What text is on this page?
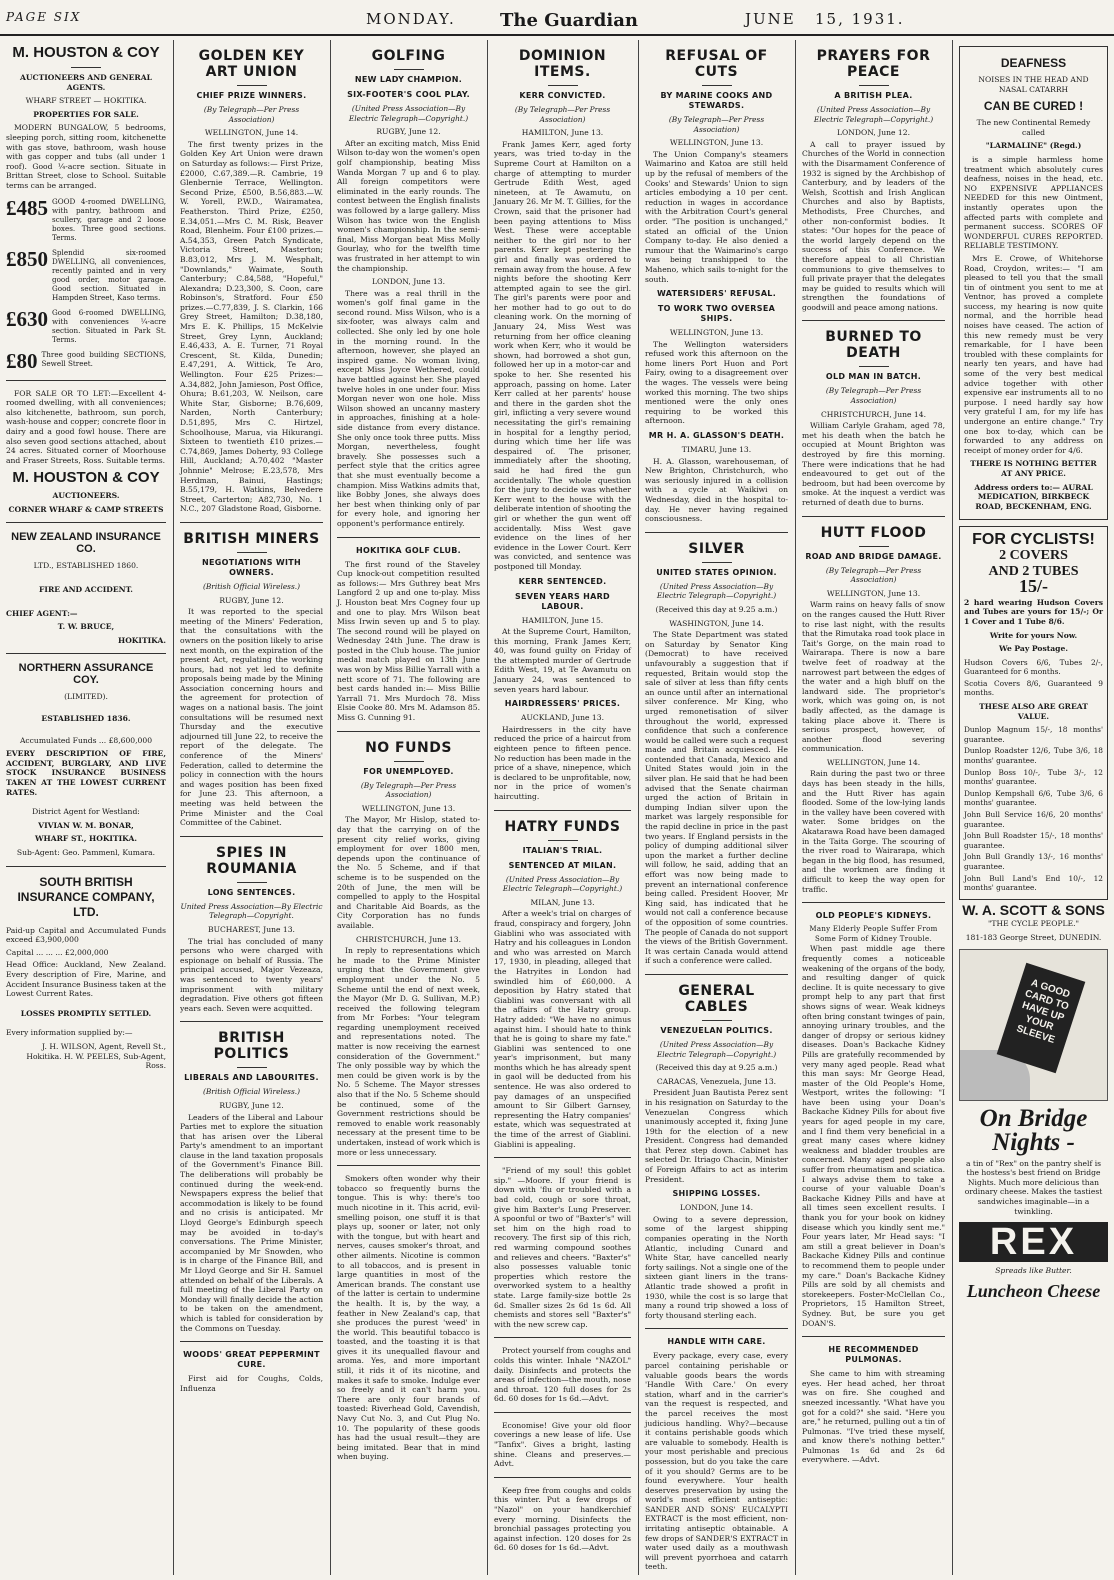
PAGE SIX	MONDAY. The Guardian	JUNE 15, 1931.
M. HOUSTON & COY
AUCTIONEERS AND GENERAL AGENTS.
WHARF STREET — HOKITIKA.
PROPERTIES FOR SALE.

MODERN BUNGALOW, 5 bedrooms, sleeping porch, sitting room, kitchenette with gas stove, bathroom, wash house with gas copper and tubs (all under 1 roof). Good ¼-acre section. Situate in Brittan Street, close to School. Suitable terms can be arranged.

£485 GOOD 4-roomed DWELLING, with pantry, bathroom and scullery, garage and 2 loose boxes. Three good sections. Terms.
£850 Splendid six-roomed DWELLING, all conveniences, recently painted and in very good order, motor garage. Good section. Situated in Hampden Street, Kaso terms.
£630 Good 6-roomed DWELLING, with conveniences ¼-acre section. Situated in Park St. Terms.
£80 Three good building SECTIONS, Sewell Street.

FOR SALE OR TO LET:—Excellent 4-roomed dwelling, with all conveniences; also kitchenette, bathroom, sun porch, wash-house and copper; concrete floor in dairy and a good fowl house. There are also seven good sections attached, about 24 acres. Situated corner of Moorhouse and Fraser Streets, Ross. Suitable terms.

M. HOUSTON & COY
AUCTIONEERS.
CORNER WHARF & CAMP STREETS
NEW ZEALAND INSURANCE CO.
LTD., ESTABLISHED 1860.
FIRE AND ACCIDENT.
CHIEF AGENT:—
T. W. BRUCE,
HOKITIKA.
NORTHERN ASSURANCE COY.
(LIMITED).
ESTABLISHED 1836.
Accumulated Funds ... £8,600,000

EVERY DESCRIPTION OF FIRE, ACCIDENT, BURGLARY, AND LIVE STOCK INSURANCE BUSINESS TAKEN AT THE LOWEST CURRENT RATES.

District Agent for Westland:
VIVIAN W. M. BONAR,
WHARF ST., HOKITIKA.
Sub-Agent: Geo. Pammenl, Kumara.
SOUTH BRITISH INSURANCE COMPANY, LTD.

Paid-up Capital and Accumulated Funds exceed £3,900,000

Capital ... ... ... £2,000,000

Head Office: Auckland, New Zealand. Every description of Fire, Marine, and Accident Insurance Business taken at the Lowest Current Rates.

LOSSES PROMPTLY SETTLED.
Every information supplied by:—

J. H. WILSON, Agent, Revell St., Hokitika. H. W. PEELES, Sub-Agent, Ross.

GOLDEN KEY ART UNION
CHIEF PRIZE WINNERS.
(By Telegraph—Per Press Association)
WELLINGTON, June 14.

The first twenty prizes in the Golden Key Art Union were drawn on Saturday as follows:— First Prize, £2000, C.67,389.—R. Cambrie, 19 Glenbernie Terrace, Wellington. Second Prize, £500, B.56,883.—W. W. Yorell, P.W.D., Wairamatea, Featherston. Third Prize, £250, E.34,051.—Mrs C. M. Risk, Beaver Road, Blenheim. Four £100 prizes.—A.54,353, Green Patch Syndicate, Victoria Street, Masterton; B.83,012, Mrs J. M. Wesphalt, "Downlands," Waimate, South Canterbury; C.84,588, "Hopeful," Alexandra; D.23,300, S. Coon, care Robinson's, Stratford. Four £50 prizes.—C.77,839, J. S. Clarkin, 166 Grey Street, Hamilton; D.38,180, Mrs E. K. Phillips, 15 McKelvie Street, Grey Lynn, Auckland; E.46,433, A. E. Turner, 71 Royal Crescent, St. Kilda, Dunedin; E.47,291, A. Wittick, Te Aro, Wellington. Four £25 Prizes:—A.34,882, John Jamieson, Post Office, Ohura; B.61,203, W. Neilson, care White Star, Gisborne; B.76,609, Narden, North Canterbury; D.51,895, Mrs C. Hirtzel, Schoolhouse, Marua, via Hikurangi. Sixteen to twentieth £10 prizes.—C.74,869, James Doherty, 93 College Hill, Auckland; A.70,402 "Master Johnnie" Melrose; E.23,578, Mrs Herdman, Bainui, Hastings; B.55,179, H. Watkins, Belvedere Street, Carterton; A82,730, No. 1 N.C., 207 Gladstone Road, Gisborne.

BRITISH MINERS
NEGOTIATIONS WITH OWNERS.
(British Official Wireless.)
RUGBY, June 12.

It was reported to the special meeting of the Miners' Federation, that the consultations with the owners on the position likely to arise next month, on the expiration of the present Act, regulating the working hours, had not yet led to definite proposals being made by the Mining Association concerning hours and the agreement for protection of wages on a national basis. The joint consultations will be resumed next Thursday and the executive adjourned till June 22, to receive the report of the delegate. The conference of the Miners' Federation, called to determine the policy in connection with the hours and wages position has been fixed for June 23. This afternoon, a meeting was held between the Prime Minister and the Coal Committee of the Cabinet.

SPIES IN ROUMANIA
LONG SENTENCES.
United Press Association—By Electric Telegraph—Copyright.
BUCHAREST, June 13.

The trial has concluded of many persons who were charged with espionage on behalf of Russia. The principal accused, Major Vezeaza, was sentenced to twenty years' imprisonment with military degradation. Five others got fifteen years each. Seven were acquitted.

BRITISH POLITICS
LIBERALS AND LABOURITES.
(British Official Wireless.)
RUGBY, June 12.

Leaders of the Liberal and Labour Parties met to explore the situation that has arisen over the Liberal Party's amendment to an important clause in the land taxation proposals of the Government's Finance Bill. The deliberations will probably be continued during the week-end. Newspapers express the belief that accommodation is likely to be found and no crisis is anticipated. Mr Lloyd George's Edinburgh speech may be avoided in to-day's conversations. The Prime Minister, accompanied by Mr Snowden, who is in charge of the Finance Bill, and Mr Lloyd George and Sir H. Samuel attended on behalf of the Liberals. A full meeting of the Liberal Party on Monday will finally decide the action to be taken on the amendment, which is tabled for consideration by the Commons on Tuesday.

WOODS' GREAT PEPPERMINT CURE.

First aid for Coughs, Colds, Influenza

GOLFING
NEW LADY CHAMPION.
SIX-FOOTER'S COOL PLAY.
(United Press Association—By Electric Telegraph—Copyright.)
RUGBY, June 12.

After an exciting match, Miss Enid Wilson to-day won the women's open golf championship, beating Miss Wanda Morgan 7 up and 6 to play. All foreign competitors were eliminated in the early rounds. The contest between the English finalists was followed by a large gallery. Miss Wilson has twice won the English women's championship. In the semi-final, Miss Morgan beat Miss Molly Gourlay, who for the twelfth time was frustrated in her attempt to win the championship.

LONDON, June 13.

There was a real thrill in the women's golf final game in the second round. Miss Wilson, who is a six-footer, was always calm and collected. She only led by one hole in the morning round. In the afternoon, however, she played an inspired game. No woman living, except Miss Joyce Wethered, could have battled against her. She played twelve holes in one under four. Miss Morgan never won one hole. Miss Wilson showed an uncanny mastery in approaches, finishing at a hole-side distance from every distance. She only once took three putts. Miss Morgan, nevertheless, fought bravely. She possesses such a perfect style that the critics agree that she must eventually become a champion. Miss Watkins admits that, like Bobby Jones, she always does her best when thinking only of par for every hole, and ignoring her opponent's performance entirely.

HOKITIKA GOLF CLUB.

The first round of the Staveley Cup knock-out competition resulted as follows:— Mrs Guthrey beat Mrs Langford 2 up and one to-play. Miss J. Houston beat Mrs Cogney four up and one to play. Mrs Wilson beat Miss Irwin seven up and 5 to play. The second round will be played on Wednesday 24th June. The draw is posted in the Club house. The junior medal match played on 13th June was won by Miss Billie Yarrall with a nett score of 71. The following are best cards handed in:— Miss Billie Yarrall 71. Mrs Murdoch 78. Miss Elsie Cooke 80. Mrs M. Adamson 85. Miss G. Cunning 91.

NO FUNDS
FOR UNEMPLOYED.
(By Telegraph—Per Press Association)
WELLINGTON, June 13.

The Mayor, Mr Hislop, stated to-day that the carrying on of the present city relief works, giving employment for over 1800 men, depends upon the continuance of the No. 5 Scheme, and if that scheme is to be suspended on the 20th of June, the men will be compelled to apply to the Hospital and Charitable Aid Boards, as the City Corporation has no funds available.

CHRISTCHURCH, June 13.

In reply to representations which he made to the Prime Minister urging that the Government give employment under the No. 5 Scheme until the end of next week, the Mayor (Mr D. G. Sullivan, M.P.) received the following telegram from Mr Forbes: "Your telegram regarding unemployment received and representations noted. The matter is now receiving the earnest consideration of the Government." The only possible way by which the men could be given work is by the No. 5 Scheme. The Mayor stresses also that if the No. 5 Scheme should be continued, some of the Government restrictions should be removed to enable work reasonably necessary at the present time to be undertaken, instead of work which is more or less unnecessary.

Smokers often wonder why their tobacco so frequently burns the tongue. This is why: there's too much nicotine in it. This acrid, evil-smelling poison, one stuff it is that plays up, sooner or later, not only with the tongue, but with heart and nerves, causes smoker's throat, and other ailments. Nicotine is common to all tobaccos, and is present in large quantities in most of the American brands. The constant use of the latter is certain to undermine the health. It is, by the way, a feather in New Zealand's cap, that she produces the purest 'weed' in the world. This beautiful tobacco is toasted, and the toasting it is that gives it its unequalled flavour and aroma. Yes, and more important still, it rids it of its nicotine, and makes it safe to smoke. Indulge ever so freely and it can't harm you. There are only four brands of toasted: Riverhead Gold, Cavendish, Navy Cut No. 3, and Cut Plug No. 10. The popularity of these goods has had the usual result—they are being imitated. Bear that in mind when buying.

DOMINION ITEMS.
KERR CONVICTED.
(By Telegraph—Per Press Association)
HAMILTON, June 13.

Frank James Kerr, aged forty years, was tried to-day in the Supreme Court at Hamilton on a charge of attempting to murder Gertrude Edith West, aged nineteen, at Te Awamutu, on January 26. Mr M. T. Gillies, for the Crown, said that the prisoner had been paying attentions to Miss West. These were acceptable neither to the girl nor to her parents. Kerr kept pestering the girl and finally was ordered to remain away from the house. A few nights before the shooting Kerr attempted again to see the girl. The girl's parents were poor and her mother had to go out to do cleaning work. On the morning of January 24, Miss West was returning from her office cleaning work when Kerr, who it would be shown, had borrowed a shot gun, followed her up in a motor-car and spoke to her. She resented his approach, passing on home. Later Kerr called at her parents' house and there in the garden shot the girl, inflicting a very severe wound necessitating the girl's remaining in hospital for a lengthy period, during which time her life was despaired of. The prisoner, immediately after the shooting, said he had fired the gun accidentally. The whole question for the jury to decide was whether Kerr went to the house with the deliberate intention of shooting the girl or whether the gun went off accidentally. Miss West gave evidence on the lines of her evidence in the Lower Court. Kerr was convicted, and sentence was postponed till Monday.

KERR SENTENCED.
SEVEN YEARS HARD LABOUR.
HAMILTON, June 15.

At the Supreme Court, Hamilton, this morning, Frank James Kerr, 40, was found guilty on Friday of the attempted murder of Gertrude Edith West, 19, at Te Awamutu on January 24, was sentenced to seven years hard labour.

HAIRDRESSERS' PRICES.
AUCKLAND, June 13.

Hairdressers in the city have reduced the price of a haircut from eighteen pence to fifteen pence. No reduction has been made in the price of a shave, ninepence, which is declared to be unprofitable, now, nor in the price of women's haircutting.

HATRY FUNDS
ITALIAN'S TRIAL.
SENTENCED AT MILAN.
(United Press Association—By Electric Telegraph—Copyright.)
MILAN, June 13.

After a week's trial on charges of fraud, conspiracy and forgery, John Giablini who was associated with Hatry and his colleagues in London and who was arrested on March 17, 1930, in pleading, alleged that the Hatryites in London had swindled him of £60,000. A deposition by Hatry stated that Giablini was conversant with all the affairs of the Hatry group. Hatry added: "We have no animus against him. I should hate to think that he is going to share my fate." Giablini was sentenced to one year's imprisonment, but many months which he has already spent in gaol will be deducted from his sentence. He was also ordered to pay damages of an unspecified amount to Sir Gilbert Garnsey, representing the Hatry companies' estate, which was sequestrated at the time of the arrest of Giablini. Giablini is appealing.

"Friend of my soul! this goblet sip." —Moore. If your friend is down with 'flu or troubled with a bad cold, cough or sore throat, give him Baxter's Lung Preserver. A spoonful or two of "Baxter's" will set him on the high road to recovery. The first sip of this rich, red warming compound soothes and relieves and cheers. "Baxter's" also possesses valuable tonic properties which restore the overworked system to a healthy state. Large family-size bottle 2s 6d. Smaller sizes 2s 6d 1s 6d. All chemists and stores sell "Baxter's" with the new screw cap.

Protect yourself from coughs and colds this winter. Inhale "NAZOL" daily. Disinfects and protects the areas of infection—the mouth, nose and throat. 120 full doses for 2s 6d. 60 doses for 1s 6d.—Advt.

Economise! Give your old floor coverings a new lease of life. Use "Tanfix". Gives a bright, lasting shine. Cleans and preserves.—Advt.

Keep free from coughs and colds this winter. Put a few drops of "Nazol" on your handkerchief every morning. Disinfects the bronchial passages protecting you against infection. 120 doses for 2s 6d. 60 doses for 1s 6d.—Advt.

REFUSAL OF CUTS
BY MARINE COOKS AND STEWARDS.
(By Telegraph—Per Press Association)
WELLINGTON, June 13.

The Union Company's steamers Waimarino and Katoa are still held up by the refusal of members of the Cooks' and Stewards' Union to sign articles embodying a 10 per cent. reduction in wages in accordance with the Arbitration Court's general order. "The position is unchanged," stated an official of the Union Company to-day. He also denied a rumour that the Waimarino's cargo was being transhipped to the Maheno, which sails to-night for the south.

WATERSIDERS' REFUSAL.
TO WORK TWO OVERSEA SHIPS.
WELLINGTON, June 13.

The Wellington watersiders refused work this afternoon on the home liners Port Huon and Port Fairy, owing to a disagreement over the wages. The vessels were being worked this morning. The two ships mentioned were the only ones requiring to be worked this afternoon.

MR H. A. GLASSON'S DEATH.
TIMARU, June 13.

H. A. Glasson, warehouseman, of New Brighton, Christchurch, who was seriously injured in a collision with a cycle at Waikiwi on Wednesday, died in the hospital to-day. He never having regained consciousness.

SILVER
UNITED STATES OPINION.
(United Press Association—By Electric Telegraph—Copyright.)
(Received this day at 9.25 a.m.)
WASHINGTON, June 14.

The State Department was stated on Saturday by Senator King (Democrat) to have received unfavourably a suggestion that if requested, Britain would stop the sale of silver at less than fifty cents an ounce until after an international silver conference. Mr King, who urged remonetisation of silver throughout the world, expressed confidence that such a conference would be called were such a request made and Britain acquiesced. He contended that Canada, Mexico and United States would join in the silver plan. He said that he had been advised that the Senate chairman urged the action of Britain in dumping Indian silver upon the market was largely responsible for the rapid decline in price in the past two years. If England persists in the policy of dumping additional silver upon the market a further decline will follow, he said, adding that an effort was now being made to prevent an international conference being called. President Hoover, Mr King said, has indicated that he would not call a conference because of the opposition of some countries. The people of Canada do not support the views of the British Government. It was certain Canada would attend if such a conference were called.

GENERAL CABLES
VENEZUELAN POLITICS.
(United Press Association—By Electric Telegraph—Copyright.)
(Received this day at 9.25 a.m.)
CARACAS, Venezuela, June 13.

President Juan Bautista Perez sent in his resignation on Saturday to the Venezuelan Congress which unanimously accepted it, fixing June 19th for the election of a new President. Congress had demanded that Perez step down. Cabinet has selected Dr. Itriago Chacin, Minister of Foreign Affairs to act as interim President.

SHIPPING LOSSES.
LONDON, June 14.

Owing to a severe depression, some of the largest shipping companies operating in the North Atlantic, including Cunard and White Star, have cancelled nearly forty sailings. Not a single one of the sixteen giant liners in the trans-Atlantic trade showed a profit in 1930, while the cost is so large that many a round trip showed a loss of forty thousand sterling each.

HANDLE WITH CARE.

Every package, every case, every parcel containing perishable or valuable goods bears the words 'Handle With Care.' On every station, wharf and in the carrier's van the request is respected, and the parcel receives the most judicious handling. Why?—because it contains perishable goods which are valuable to somebody. Health is your most perishable and precious possession, but do you take the care of it you should? Germs are to be found everywhere. Your health deserves preservation by using the world's most efficient antiseptic: SANDER AND SONS' EUCALYPTI EXTRACT is the most efficient, non-irritating antiseptic obtainable. A few drops of SANDER'S EXTRACT in water used daily as a mouthwash will prevent pyorrhoea and catarrh teeth.

PRAYERS FOR PEACE
A BRITISH PLEA.
(United Press Association—By Electric Telegraph—Copyright.)
LONDON, June 12.

A call to prayer issued by Churches of the World in connection with the Disarmament Conference of 1932 is signed by the Archbishop of Canterbury, and by leaders of the Welsh, Scottish and Irish Anglican Churches and also by Baptists, Methodists, Free Churches, and other non-conformist bodies. It states: "Our hopes for the peace of the world largely depend on the success of this Conference. We therefore appeal to all Christian communions to give themselves to full private prayer that the delegates may be guided to results which will strengthen the foundations of goodwill and peace among nations.

BURNED TO DEATH
OLD MAN IN BATCH.
(By Telegraph—Per Press Association)
CHRISTCHURCH, June 14.

William Carlyle Graham, aged 78, met his death when the batch he occupied at Mount Brighton was destroyed by fire this morning. There were indications that he had endeavoured to get out of the bedroom, but had been overcome by smoke. At the inquest a verdict was returned of death due to burns.

HUTT FLOOD
ROAD AND BRIDGE DAMAGE.
(By Telegraph—Per Press Association)
WELLINGTON, June 13.

Warm rains on heavy falls of snow on the ranges caused the Hutt River to rise last night, with the results that the Rimutaka road took place in Tait's Gorge, on the main road to Wairarapa. There is now a bare twelve feet of roadway at the narrowest part between the edges of the water and a high bluff on the landward side. The proprietor's work, which was going on, is not badly affected, as the damage is taking place above it. There is serious prospect, however, of another flood severing communication.

WELLINGTON, June 14.

Rain during the past two or three days has been steady in the hills, and the Hutt River has again flooded. Some of the low-lying lands in the valley have been covered with water. Some bridges on the Akatarawa Road have been damaged in the Taita Gorge. The scouring of the river road to Wairarapa, which began in the big flood, has resumed, and the workmen are finding it difficult to keep the way open for traffic.

OLD PEOPLE'S KIDNEYS.
Many Elderly People Suffer From Some Form of Kidney Trouble.

When past middle age there frequently comes a noticeable weakening of the organs of the body, and resulting danger of quick decline. It is quite necessary to give prompt help to any part that first shows signs of wear. Weak kidneys often bring constant twinges of pain, annoying urinary troubles, and the danger of dropsy or serious kidney diseases. Doan's Backache Kidney Pills are gratefully recommended by very many aged people. Read what this man says: Mr George Head, master of the Old People's Home, Westport, writes the following: "I have been using your Doan's Backache Kidney Pills for about five years for aged people in my care, and I find them very beneficial in a great many cases where kidney weakness and bladder troubles are concerned. Many aged people also suffer from rheumatism and sciatica. I always advise them to take a course of your valuable Doan's Backache Kidney Pills and have at all times seen excellent results. I thank you for your book on kidney disease which you kindly sent me." Four years later, Mr Head says: "I am still a great believer in Doan's Backache Kidney Pills and continue to recommend them to people under my care." Doan's Backache Kidney Pills are sold by all chemists and storekeepers. Foster-McClellan Co., Proprietors, 15 Hamilton Street, Sydney. But, be sure you get DOAN'S.

HE RECOMMENDED PULMONAS.

She came to him with streaming eyes. Her head ached, her throat was on fire. She coughed and sneezed incessantly. "What have you got for a cold?" she said. "Here you are," he returned, pulling out a tin of Pulmonas. "I've tried these myself, and know there's nothing better." Pulmonas 1s 6d and 2s 6d everywhere. —Advt.

DEAFNESS
NOISES IN THE HEAD AND NASAL CATARRH
CAN BE CURED !
The new Continental Remedy called
"LARMALINE" (Regd.)

is a simple harmless home treatment which absolutely cures deafness, noises in the head, etc. NO EXPENSIVE APPLIANCES NEEDED for this new Ointment, instantly operates upon the affected parts with complete and permanent success. SCORES OF WONDERFUL CURES REPORTED. RELIABLE TESTIMONY.

Mrs E. Crowe, of Whitehorse Road, Croydon, writes:— "I am pleased to tell you that the small tin of ointment you sent to me at Ventnor, has proved a complete success, my hearing is now quite normal, and the horrible head noises have ceased. The action of this new remedy must be very remarkable, for I have been troubled with these complaints for nearly ten years, and have had some of the very best medical advice together with other expensive ear instruments all to no purpose. I need hardly say how very grateful I am, for my life has undergone an entire change." Try one box to-day, which can be forwarded to any address on receipt of money order for 4/6.

THERE IS NOTHING BETTER AT ANY PRICE.
Address orders to:— AURAL MEDICATION, BIRKBECK ROAD, BECKENHAM, ENG.
FOR CYCLISTS!
2 COVERS
AND 2 TUBES
15/-

2 hard wearing Hudson Covers and Tubes are yours for 15/-; Or 1 Cover and 1 Tube 8/6.

Write for yours Now.
We Pay Postage.
Hudson Covers 6/6, Tubes 2/-, Guaranteed for 6 months.
Scotia Covers 8/6, Guaranteed 9 months.
THESE ALSO ARE GREAT VALUE.
Dunlop Magnum 15/-, 18 months' guarantee.
Dunlop Roadster 12/6, Tube 3/6, 18 months' guarantee.
Dunlop Boss 10/-, Tube 3/-, 12 months' guarantee.
Dunlop Kempshall 6/6, Tube 3/6, 6 months' guarantee.
John Bull Service 16/6, 20 months' guarantee.
John Bull Roadster 15/-, 18 months' guarantee.
John Bull Grandly 13/-, 16 months' guarantee.
John Bull Land's End 10/-, 12 months' guarantee.
W. A. SCOTT & SONS
"THE CYCLE PEOPLE."
181-183 George Street, DUNEDIN.
A GOOD CARD TO HAVE UP YOUR SLEEVE
On Bridge Nights -

a tin of "Rex" on the pantry shelf is the hostess's best friend on Bridge Nights. Much more delicious than ordinary cheese. Makes the tastiest sandwiches imaginable—in a twinkling.

REX
Spreads like Butter.
Luncheon Cheese
